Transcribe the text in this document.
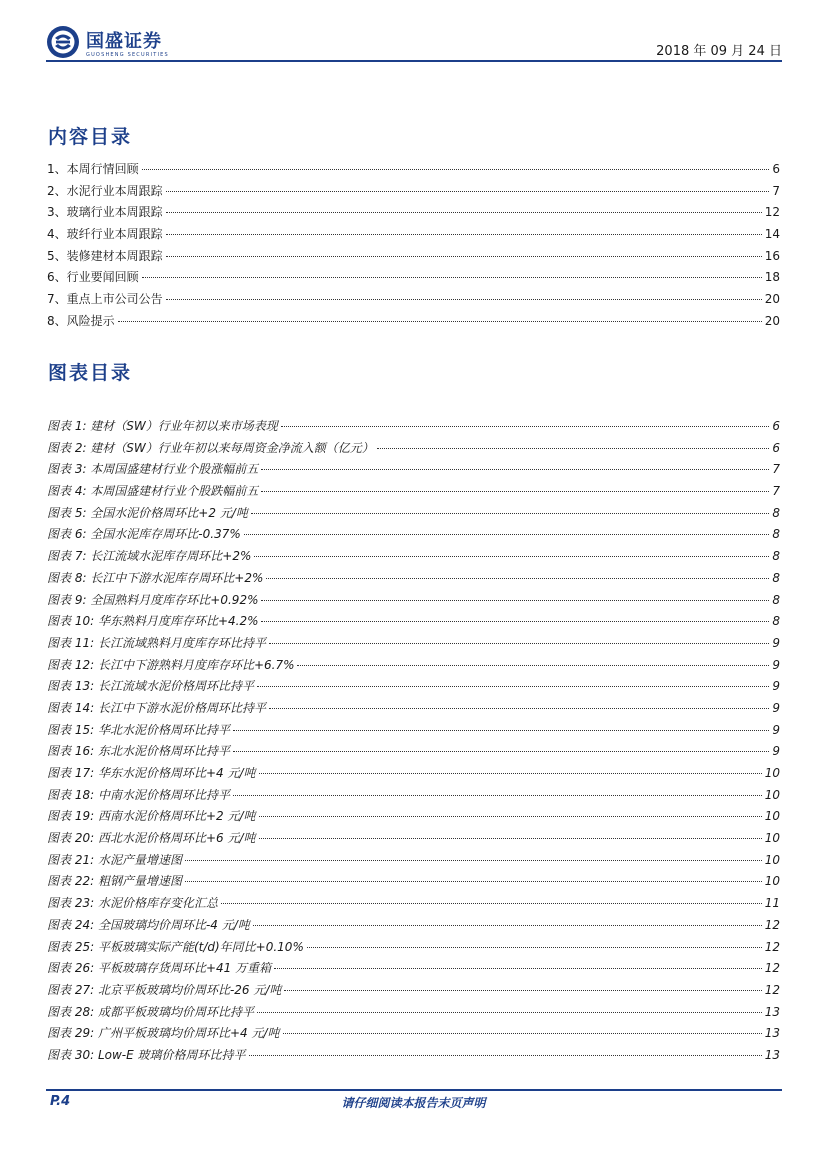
国盛证券
GUOSHENG SECURITIES	2018 年 09 月 24 日
内容目录
1、本周行情回顾	6
2、水泥行业本周跟踪	7
3、玻璃行业本周跟踪	12
4、玻纤行业本周跟踪	14
5、装修建材本周跟踪	16
6、行业要闻回顾	18
7、重点上市公司公告	20
8、风险提示	20
图表目录
图表 1: 建材（SW）行业年初以来市场表现	6
图表 2: 建材（SW）行业年初以来每周资金净流入额（亿元）	6
图表 3: 本周国盛建材行业个股涨幅前五	7
图表 4: 本周国盛建材行业个股跌幅前五	7
图表 5: 全国水泥价格周环比+2 元/吨	8
图表 6: 全国水泥库存周环比-0.37%	8
图表 7: 长江流域水泥库存周环比+2%	8
图表 8: 长江中下游水泥库存周环比+2%	8
图表 9: 全国熟料月度库存环比+0.92%	8
图表 10: 华东熟料月度库存环比+4.2%	8
图表 11: 长江流域熟料月度库存环比持平	9
图表 12: 长江中下游熟料月度库存环比+6.7%	9
图表 13: 长江流域水泥价格周环比持平	9
图表 14: 长江中下游水泥价格周环比持平	9
图表 15: 华北水泥价格周环比持平	9
图表 16: 东北水泥价格周环比持平	9
图表 17: 华东水泥价格周环比+4 元/吨	10
图表 18: 中南水泥价格周环比持平	10
图表 19: 西南水泥价格周环比+2 元/吨	10
图表 20: 西北水泥价格周环比+6 元/吨	10
图表 21: 水泥产量增速图	10
图表 22: 粗钢产量增速图	10
图表 23: 水泥价格库存变化汇总	11
图表 24: 全国玻璃均价周环比-4 元/吨	12
图表 25: 平板玻璃实际产能(t/d)年同比+0.10%	12
图表 26: 平板玻璃存货周环比+41 万重箱	12
图表 27: 北京平板玻璃均价周环比-26 元/吨	12
图表 28: 成都平板玻璃均价周环比持平	13
图表 29: 广州平板玻璃均价周环比+4 元/吨	13
图表 30: Low-E 玻璃价格周环比持平	13
P.4	请仔细阅读本报告末页声明
